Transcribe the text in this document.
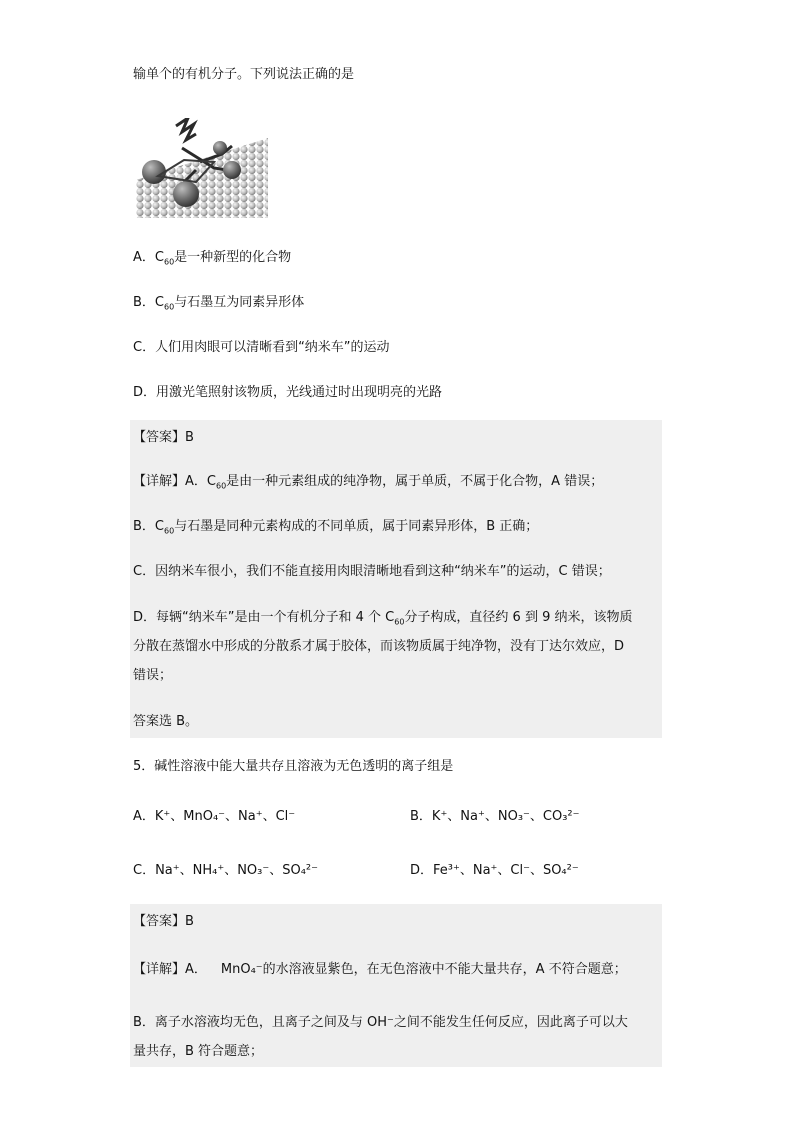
输单个的有机分子。下列说法正确的是
A．$C_{60}$是一种新型的化合物
B．$C_{60}$与石墨互为同素异形体
C．人们用肉眼可以清晰看到“纳米车”的运动
D．用激光笔照射该物质，光线通过时出现明亮的光路
【答案】B
【详解】A．$C_{60}$是由一种元素组成的纯净物，属于单质，不属于化合物，A 错误；
B．$C_{60}$与石墨是同种元素构成的不同单质，属于同素异形体，B 正确；
C．因纳米车很小，我们不能直接用肉眼清晰地看到这种“纳米车”的运动，C 错误；
D．每辆“纳米车”是由一个有机分子和 4 个 $C_{60}$分子构成，直径约 6 到 9 纳米，该物质
分散在蒸馏水中形成的分散系才属于胶体，而该物质属于纯净物，没有丁达尔效应，D
错误；
答案选 B。
5．碱性溶液中能大量共存且溶液为无色透明的离子组是
A．K⁺、MnO₄⁻、Na⁺、Cl⁻	B．K⁺、Na⁺、NO₃⁻、CO₃²⁻
C．Na⁺、NH₄⁺、NO₃⁻、SO₄²⁻	D．Fe³⁺、Na⁺、Cl⁻、SO₄²⁻
【答案】B
【详解】A． MnO₄⁻的水溶液显紫色，在无色溶液中不能大量共存，A 不符合题意；
B．离子水溶液均无色，且离子之间及与 OH⁻之间不能发生任何反应，因此离子可以大
量共存，B 符合题意；
